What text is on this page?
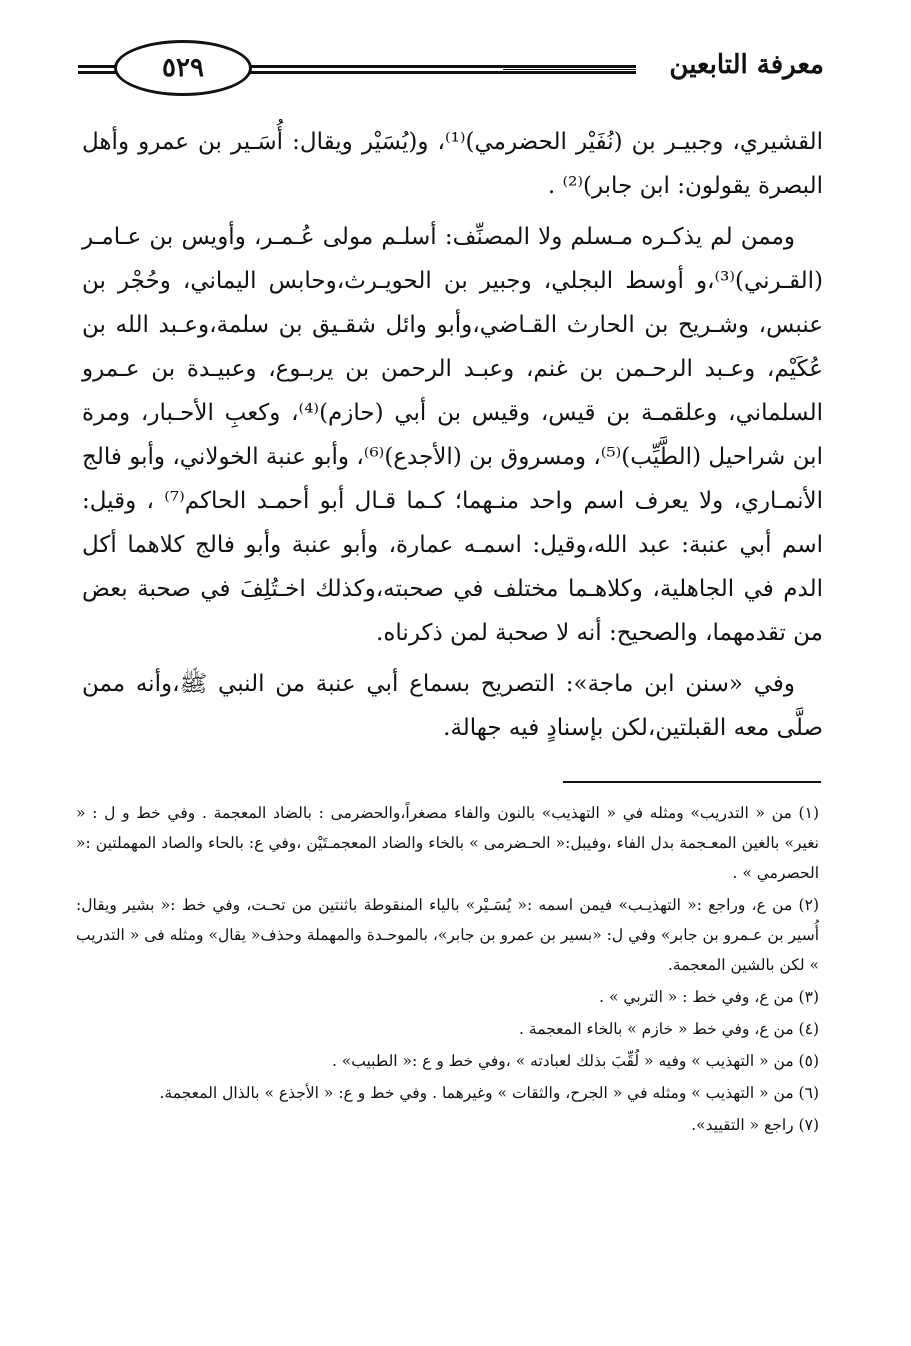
معرفة التابعين
٥٢٩

القشيري، وجبيـر بن (نُفَيْر الحضرمي)⁽¹⁾، و(يُسَيْر ويقال: أُسَـير بن عمرو وأهل البصرة يقولون: ابن جابر)⁽²⁾ .

وممن لم يذكـره مـسلم ولا المصنِّف: أسلـم مولى عُـمـر، وأويس بن عـامـر (القـرني)⁽³⁾،و أوسط البجلي، وجبير بن الحويـرث،وحابس اليماني، وحُجْر بن عنبس، وشـريح بن الحارث القـاضي،وأبو وائل شقـيق بن سلمة،وعـبد الله بن عُكَيْم، وعـبد الرحـمن بن غنم، وعبـد الرحمن بن يربـوع، وعبيـدة بن عـمرو السلماني، وعلقمـة بن قيس، وقيس بن أبي (حازم)⁽⁴⁾، وكعبِ الأحـبار، ومرة ابن شراحيل (الطَّيِّب)⁽⁵⁾، ومسروق بن (الأجدع)⁽⁶⁾، وأبو عنبة الخولاني، وأبو فالج الأنمـاري، ولا يعرف اسم واحد منـهما؛ كـما قـال أبو أحمـد الحاكم⁽⁷⁾ ، وقيل: اسم أبي عنبة: عبد الله،وقيل: اسمـه عمارة، وأبو عنبة وأبو فالج كلاهما أكل الدم في الجاهلية، وكلاهـما مختلف في صحبته،وكذلك اخـتُلِفَ في صحبة بعض من تقدمهما، والصحيح: أنه لا صحبة لمن ذكرناه.

وفي «سنن ابن ماجة»: التصريح بسماع أبي عنبة من النبي ﷺ،وأنه ممن صلَّى معه القبلتين،لكن بإسنادٍ فيه جهالة.

(١) من « التدريب» ومثله في « التهذيب» بالنون والفاء مصغراً،والحضرمى : بالضاد المعجمة . وفي خط و ل : « نغير» بالغين المعـجمة بدل الفاء ،وفيبل:« الحـضرمى » بالخاء والضاد المعجمـتَيْن ،وفي ع: بالحاء والصاد المهملتين :« الحصرمي » .

(٢) من ع، وراجع :« التهذيـب» فيمن اسمه :« يُسَـيْر» بالياء المنقوطة باثنتين من تحـت، وفي خط :« بشير ويقال: أُسير بن عـمرو بن جابر» وفي ل: «بسير بن عمرو بن جابر»، بالموحـدة والمهملة وحذف« يقال» ومثله فى « التدريب » لكن بالشين المعجمة.

(٣) من ع، وفي خط : « التربي » .

(٤) من ع، وفي خط « خازم » بالخاء المعجمة .

(٥) من « التهذيب » وفيه « لُقِّبَ بذلك لعبادته » ،وفي خط و ع :« الطبيب» .

(٦) من « التهذيب » ومثله في « الجرح، والثقات » وغيرهما . وفي خط و ع: « الأجذع » بالذال المعجمة.

(٧) راجع « التقييد».
